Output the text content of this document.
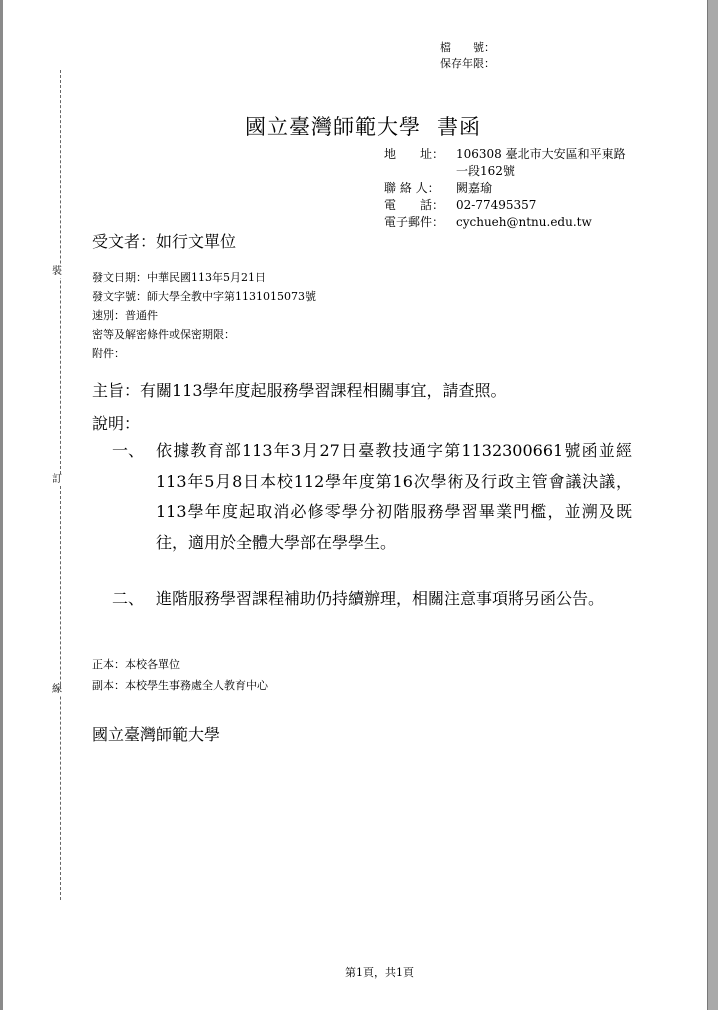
裝
訂
線
檔　　號：
保存年限：
國立臺灣師範大學 書函
地　　址： 106308 臺北市大安區和平東路一段162號
聯 絡 人：	闕嘉瑜
電　　話： 02-77495357
電子郵件： cychueh@ntnu.edu.tw
受文者：如行文單位
發文日期：中華民國113年5月21日
發文字號：師大學全教中字第1131015073號
速別：普通件
密等及解密條件或保密期限：
附件：
主旨：有關113學年度起服務學習課程相關事宜，請查照。
說明：
一、 依據教育部113年3月27日臺教技通字第1132300661號函並經113年5月8日本校112學年度第16次學術及行政主管會議決議，113學年度起取消必修零學分初階服務學習畢業門檻，並溯及既往，適用於全體大學部在學學生。
二、 進階服務學習課程補助仍持續辦理，相關注意事項將另函公告。
正本：本校各單位
副本：本校學生事務處全人教育中心
國立臺灣師範大學
第1頁，共1頁
